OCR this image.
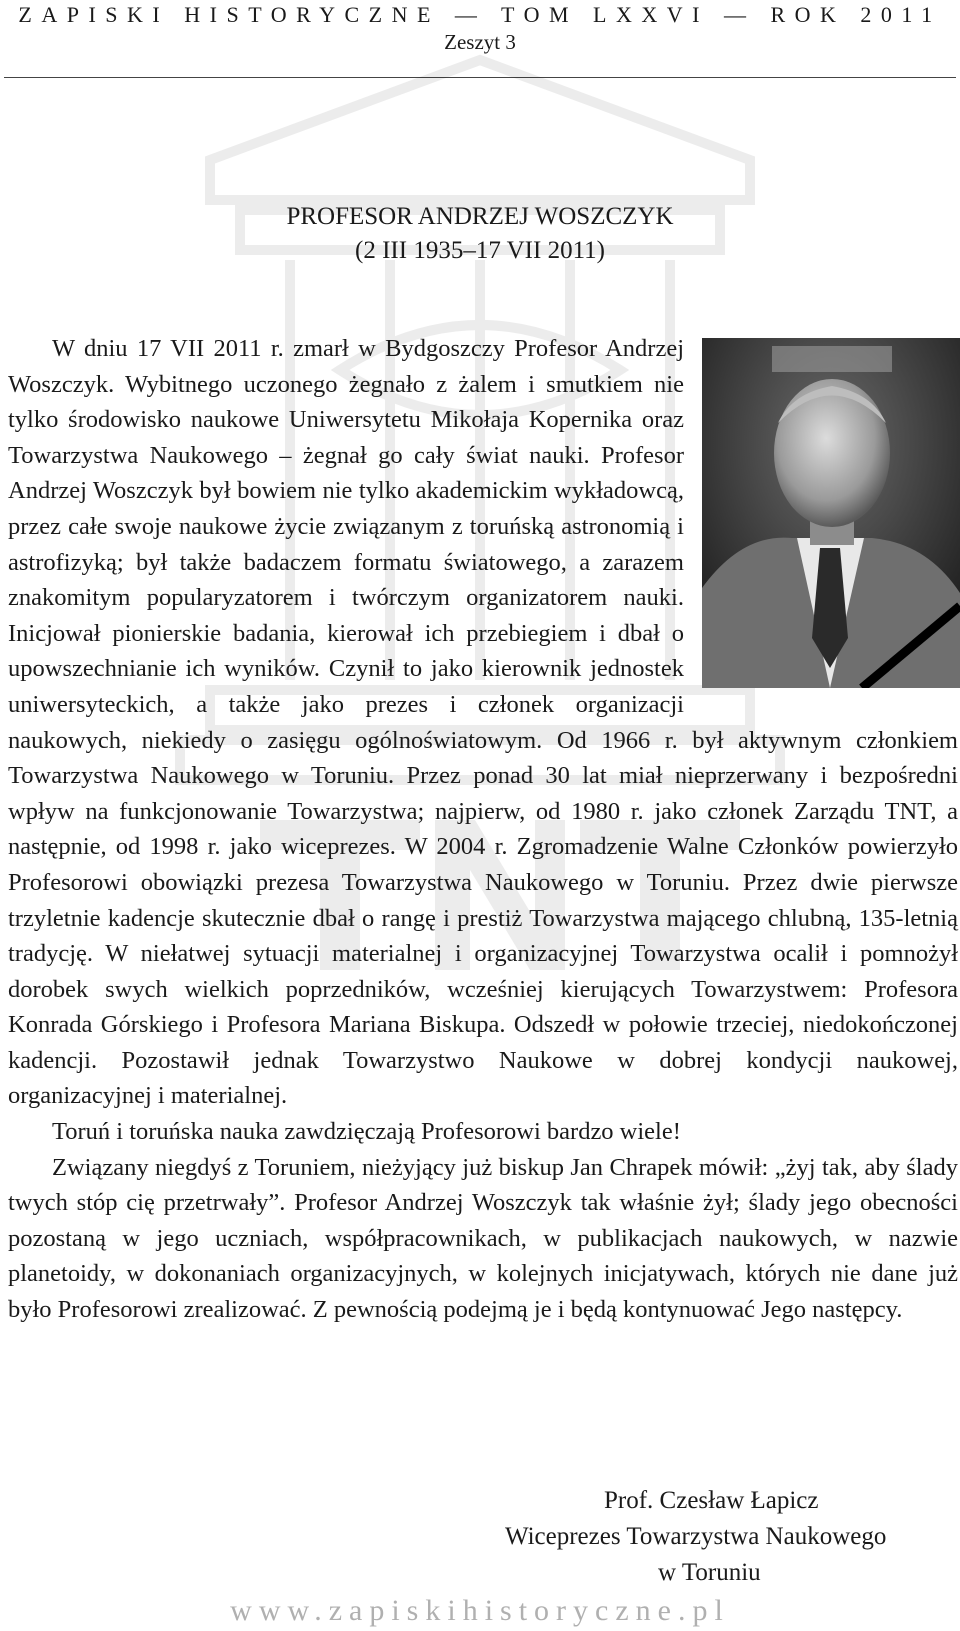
ZAPISKI HISTORYCZNE — TOM LXXVI — ROK 2011
Zeszyt 3
PROFESOR ANDRZEJ WOSZCZYK
(2 III 1935–17 VII 2011)

W dniu 17 VII 2011 r. zmarł w Bydgoszczy Profesor Andrzej Woszczyk. Wybitnego uczonego żegnało z żalem i smutkiem nie tylko środowisko naukowe Uniwersytetu Mikołaja Kopernika oraz Towarzystwa Naukowego – żegnał go cały świat nauki. Profesor Andrzej Woszczyk był bowiem nie tylko akademickim wykładowcą, przez całe swoje naukowe życie związanym z toruńską astronomią i astrofizyką; był także badaczem formatu światowego, a zarazem znakomitym popularyzatorem i twórczym organizatorem nauki. Inicjował pionierskie badania, kierował ich przebiegiem i dbał o upowszechnianie ich wyników. Czynił to jako kierownik jednostek uniwersyteckich, a także jako prezes i członek organizacji naukowych, niekiedy o zasięgu ogólnoświatowym. Od 1966 r. był aktywnym członkiem Towarzystwa Naukowego w Toruniu. Przez ponad 30 lat miał nieprzerwany i bezpośredni wpływ na funkcjonowanie Towarzystwa; najpierw, od 1980 r. jako członek Zarządu TNT, a następnie, od 1998 r. jako wiceprezes. W 2004 r. Zgromadzenie Walne Członków powierzyło Profesorowi obowiązki prezesa Towarzystwa Naukowego w Toruniu. Przez dwie pierwsze trzyletnie kadencje skutecznie dbał o rangę i prestiż Towarzystwa mającego chlubną, 135-letnią tradycję. W niełatwej sytuacji materialnej i organizacyjnej Towarzystwa ocalił i pomnożył dorobek swych wielkich poprzedników, wcześniej kierujących Towarzystwem: Profesora Konrada Górskiego i Profesora Mariana Biskupa. Odszedł w połowie trzeciej, niedokończonej kadencji. Pozostawił jednak Towarzystwo Naukowe w dobrej kondycji naukowej, organizacyjnej i materialnej.

Toruń i toruńska nauka zawdzięczają Profesorowi bardzo wiele!

Związany niegdyś z Toruniem, nieżyjący już biskup Jan Chrapek mówił: „żyj tak, aby ślady twych stóp cię przetrwały”. Profesor Andrzej Woszczyk tak właśnie żył; ślady jego obecności pozostaną w jego uczniach, współpracownikach, w publikacjach naukowych, w nazwie planetoidy, w dokonaniach organizacyjnych, w kolejnych inicjatywach, których nie dane już było Profesorowi zrealizować. Z pewnością podejmą je i będą kontynuować Jego następcy.

Prof. Czesław Łapicz
Wiceprezes Towarzystwa Naukowego
w Toruniu
www.zapiskihistoryczne.pl
